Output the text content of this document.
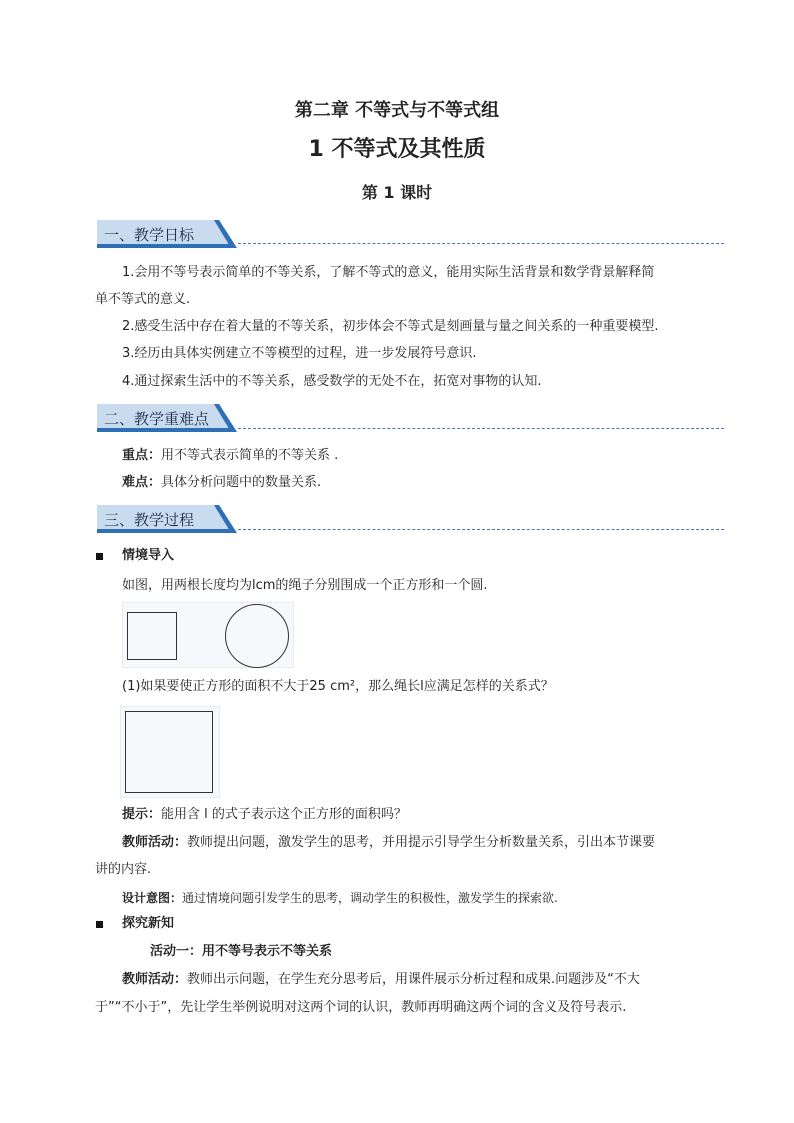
第二章 不等式与不等式组
1 不等式及其性质
第 1 课时
一、教学日标
1.会用不等号表示简单的不等关系，了解不等式的意义，能用实际生活背景和数学背景解释简
单不等式的意义.
2.感受生活中存在着大量的不等关系，初步体会不等式是刻画量与量之间关系的一种重要模型.
3.经历由具体实例建立不等模型的过程，进一步发展符号意识.
4.通过探索生活中的不等关系，感受数学的无处不在，拓宽对事物的认知.
二、教学重难点
重点：用不等式表示简单的不等关系 .
难点：具体分析问题中的数量关系.
三、教学过程
情境导入
如图，用两根长度均为lcm的绳子分别围成一个正方形和一个圆.
(1)如果要使正方形的面积不大于25 cm²，那么绳长l应满足怎样的关系式？
提示：能用含 l 的式子表示这个正方形的面积吗？
教师活动：教师提出问题，激发学生的思考，并用提示引导学生分析数量关系，引出本节课要
讲的内容.
设计意图：通过情境问题引发学生的思考，调动学生的积极性，激发学生的探索欲.
探究新知
活动一：用不等号表示不等关系
教师活动：教师出示问题，在学生充分思考后，用课件展示分析过程和成果.问题涉及“不大
于”“不小于”，先让学生举例说明对这两个词的认识，教师再明确这两个词的含义及符号表示.
